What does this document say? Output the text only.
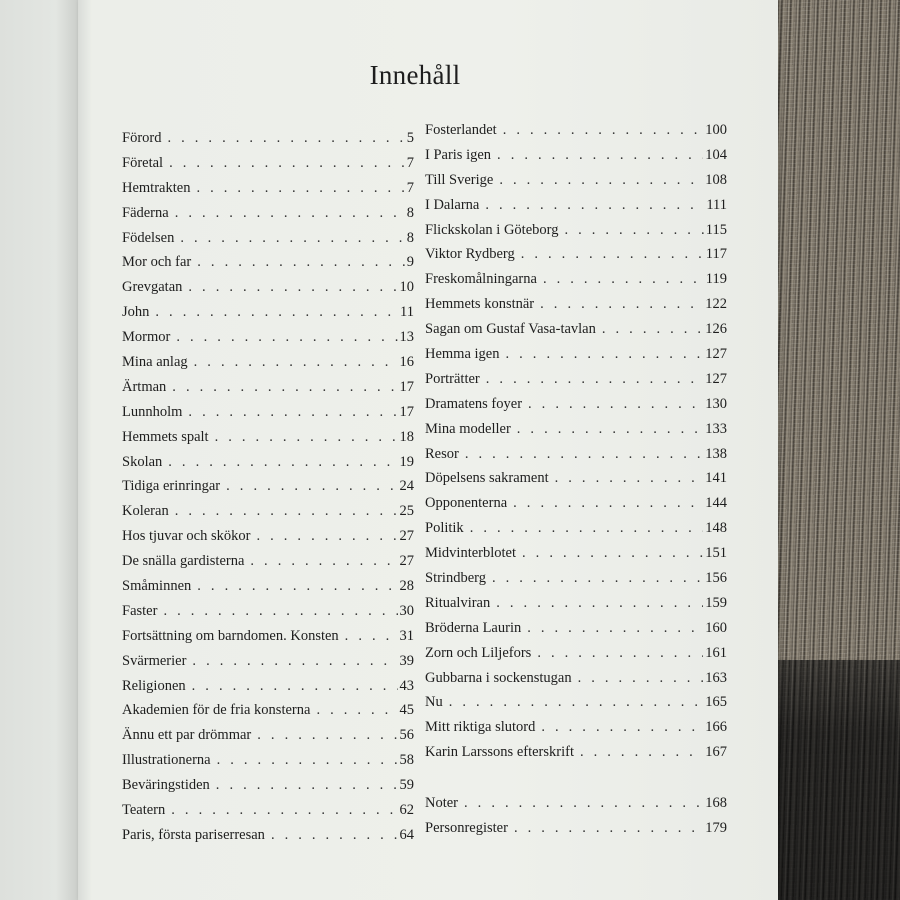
Innehåll
Förord . . .	5
Företal . . .	7
Hemtrakten . . .	7
Fäderna . . .	8
Födelsen . . .	8
Mor och far . . .	9
Grevgatan . . .	10
John . . .	11
Mormor . . .	13
Mina anlag . . .	16
Ärtman . . .	17
Lunnholm . . .	17
Hemmets spalt . . .	18
Skolan . . .	19
Tidiga erinringar . . .	24
Koleran . . .	25
Hos tjuvar och skökor . . .	27
De snälla gardisterna . . .	27
Småminnen . . .	28
Faster . . .	30
Fortsättning om barndomen. Konsten . . .	31
Svärmerier . . .	39
Religionen . . .	43
Akademien för de fria konsterna . . .	45
Ännu ett par drömmar . . .	56
Illustrationerna . . .	58
Beväringstiden . . .	59
Teatern . . .	62
Paris, första pariserresan . . .	64
Fosterlandet . . .	100
I Paris igen . . .	104
Till Sverige . . .	108
I Dalarna . . .	111
Flickskolan i Göteborg . . .	115
Viktor Rydberg . . .	117
Freskomålningarna . . .	119
Hemmets konstnär . . .	122
Sagan om Gustaf Vasa-tavlan . . .	126
Hemma igen . . .	127
Porträtter . . .	127
Dramatens foyer . . .	130
Mina modeller . . .	133
Resor . . .	138
Döpelsens sakrament . . .	141
Opponenterna . . .	144
Politik . . .	148
Midvinterblotet . . .	151
Strindberg . . .	156
Ritualviran . . .	159
Bröderna Laurin . . .	160
Zorn och Liljefors . . .	161
Gubbarna i sockenstugan . . .	163
Nu . . .	165
Mitt riktiga slutord . . .	166
Karin Larssons efterskrift . . .	167
Noter . . .	168
Personregister . . .	179
